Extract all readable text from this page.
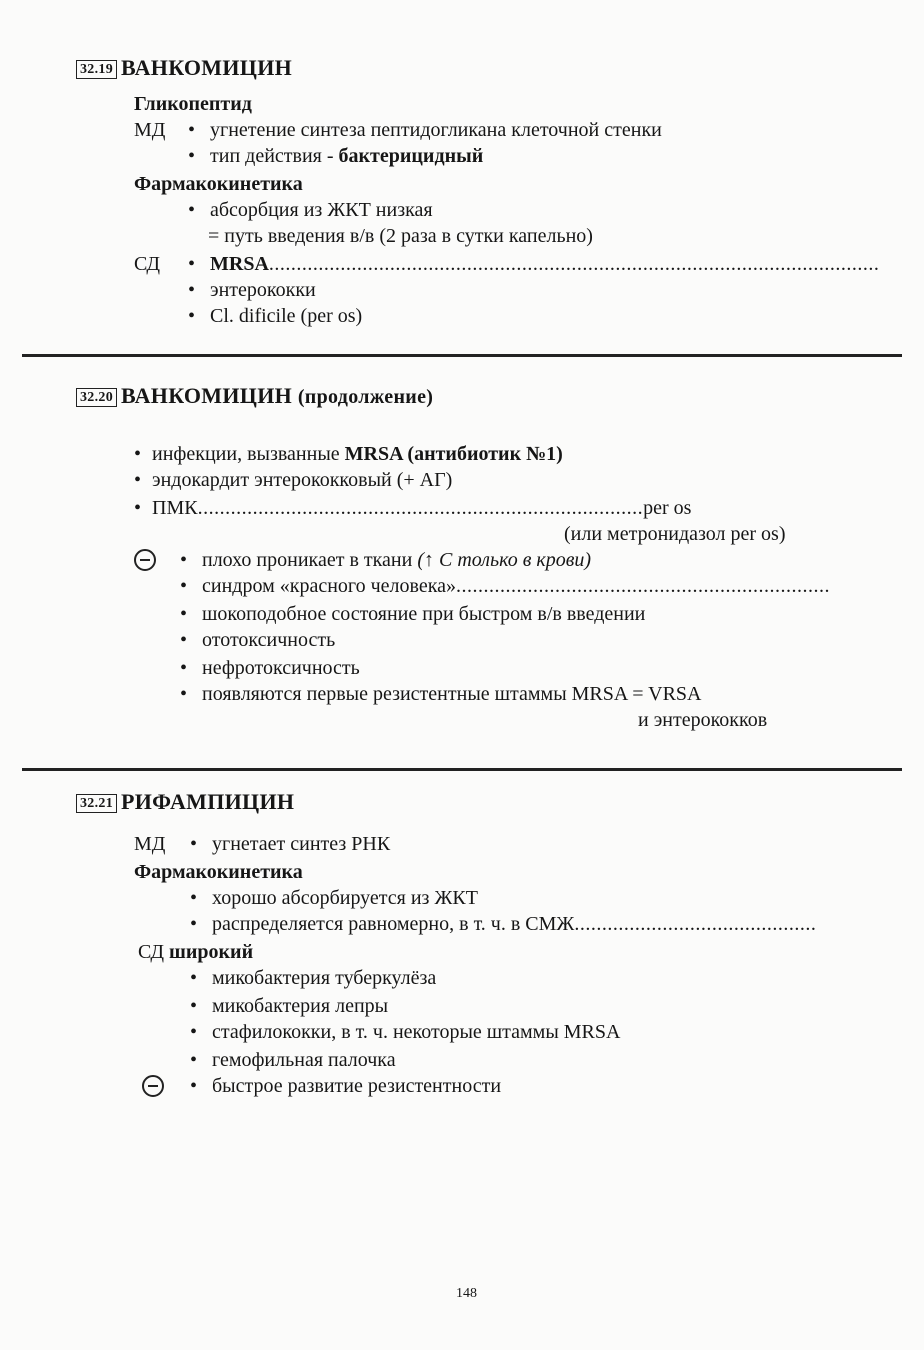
32.19 ВАНКОМИЦИН
Гликопептид
МД • угнетение синтеза пептидогликана клеточной стенки
• тип действия - бактерицидный
Фармакокинетика
• абсорбция из ЖКТ низкая
= путь введения в/в (2 раза в сутки капельно)
СД • MRSA...............................................................................................................
• энтерококки
• Cl. dificile (per os)
32.20 ВАНКОМИЦИН (продолжение)
• инфекции, вызванные MRSA (антибиотик №1)
• эндокардит энтерококковый (+ АГ)
• ПМК.................................................................................per os
(или метронидазол per os)
• плохо проникает в ткани (↑ С только в крови)
• синдром «красного человека»....................................................................
• шокоподобное состояние при быстром в/в введении
• ототоксичность
• нефротоксичность
• появляются первые резистентные штаммы MRSA = VRSA
и энтерококков
32.21 РИФАМПИЦИН
МД • угнетает синтез РНК
Фармакокинетика
• хорошо абсорбируется из ЖКТ
• распределяется равномерно, в т. ч. в СМЖ............................................
СД широкий
• микобактерия туберкулёза
• микобактерия лепры
• стафилококки, в т. ч. некоторые штаммы MRSA
• гемофильная палочка
• быстрое развитие резистентности
148
